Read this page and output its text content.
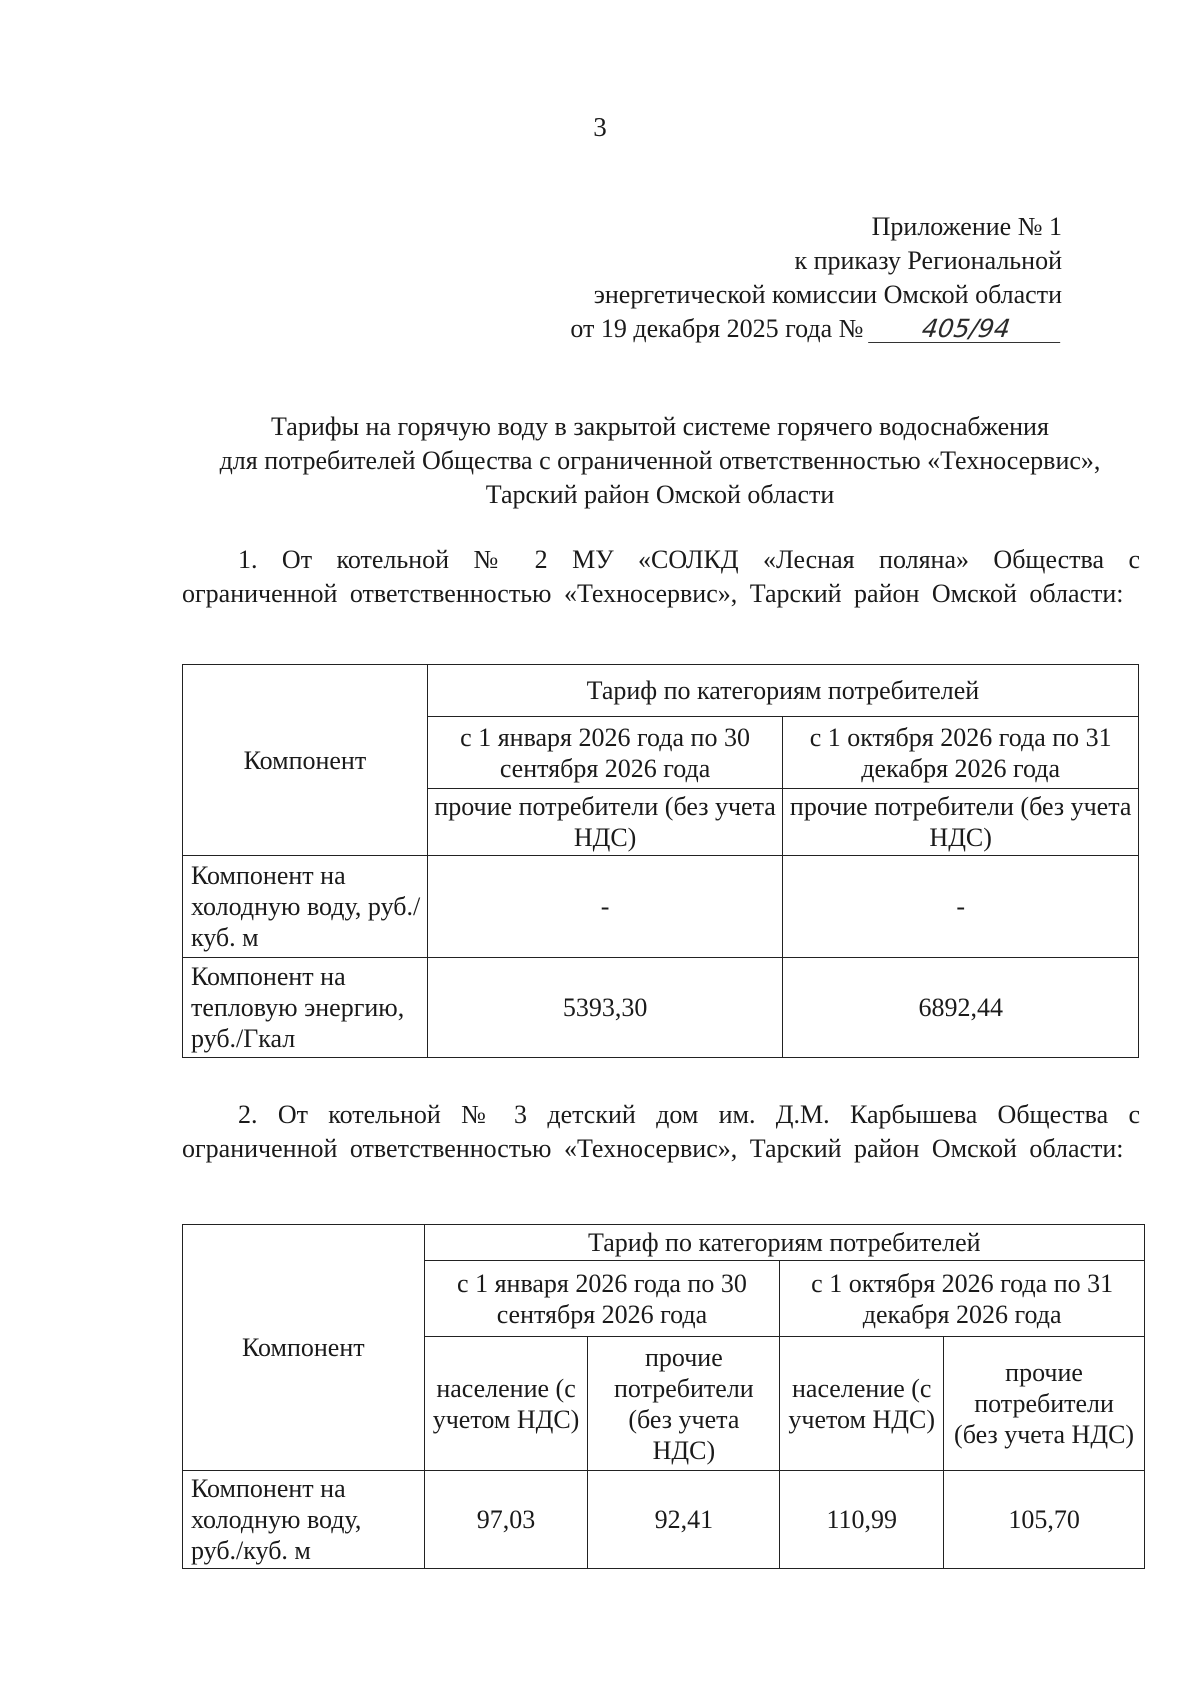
3
Приложение № 1
к приказу Региональной
энергетической комиссии Омской области
от 19 декабря 2025 года № 405/94
Тарифы на горячую воду в закрытой системе горячего водоснабжения
для потребителей Общества с ограниченной ответственностью «Техносервис»,
Тарский район Омской области
1. От котельной № 2 МУ «СОЛКД «Лесная поляна» Общества с ограниченной ответственностью «Техносервис», Тарский район Омской области:
Компонент	Тариф по категориям потребителей	
	с 1 января 2026 года по 30 сентября 2026 года	с 1 октября 2026 года по 31 декабря 2026 года
	прочие потребители (без учета НДС)	прочие потребители (без учета НДС)
Компонент на холодную воду, руб./куб. м	-	-
Компонент на тепловую энергию, руб./Гкал	5393,30	6892,44
2. От котельной № 3 детский дом им. Д.М. Карбышева Общества с ограниченной ответственностью «Техносервис», Тарский район Омской области:
Компонент	Тариф по категориям потребителей			
	с 1 января 2026 года по 30 сентября 2026 года		с 1 октября 2026 года по 31 декабря 2026 года	
	население (с учетом НДС)	прочие потребители (без учета НДС)	население (с учетом НДС)	прочие потребители (без учета НДС)
Компонент на холодную воду, руб./куб. м	97,03	92,41	110,99	105,70
